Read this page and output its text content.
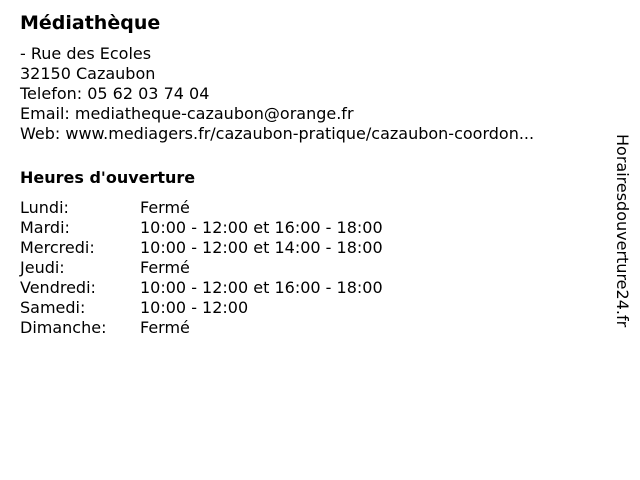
Médiathèque
- Rue des Ecoles
32150 Cazaubon
Telefon: 05 62 03 74 04
Email: mediatheque-cazaubon@orange.fr
Web: www.mediagers.fr/cazaubon-pratique/cazaubon-coordon...
Heures d'ouverture
Lundi:	Fermé
Mardi:	10:00 - 12:00 et 16:00 - 18:00
Mercredi:	10:00 - 12:00 et 14:00 - 18:00
Jeudi:	Fermé
Vendredi:	10:00 - 12:00 et 16:00 - 18:00
Samedi:	10:00 - 12:00
Dimanche:	Fermé
Horairesdouverture24.fr
